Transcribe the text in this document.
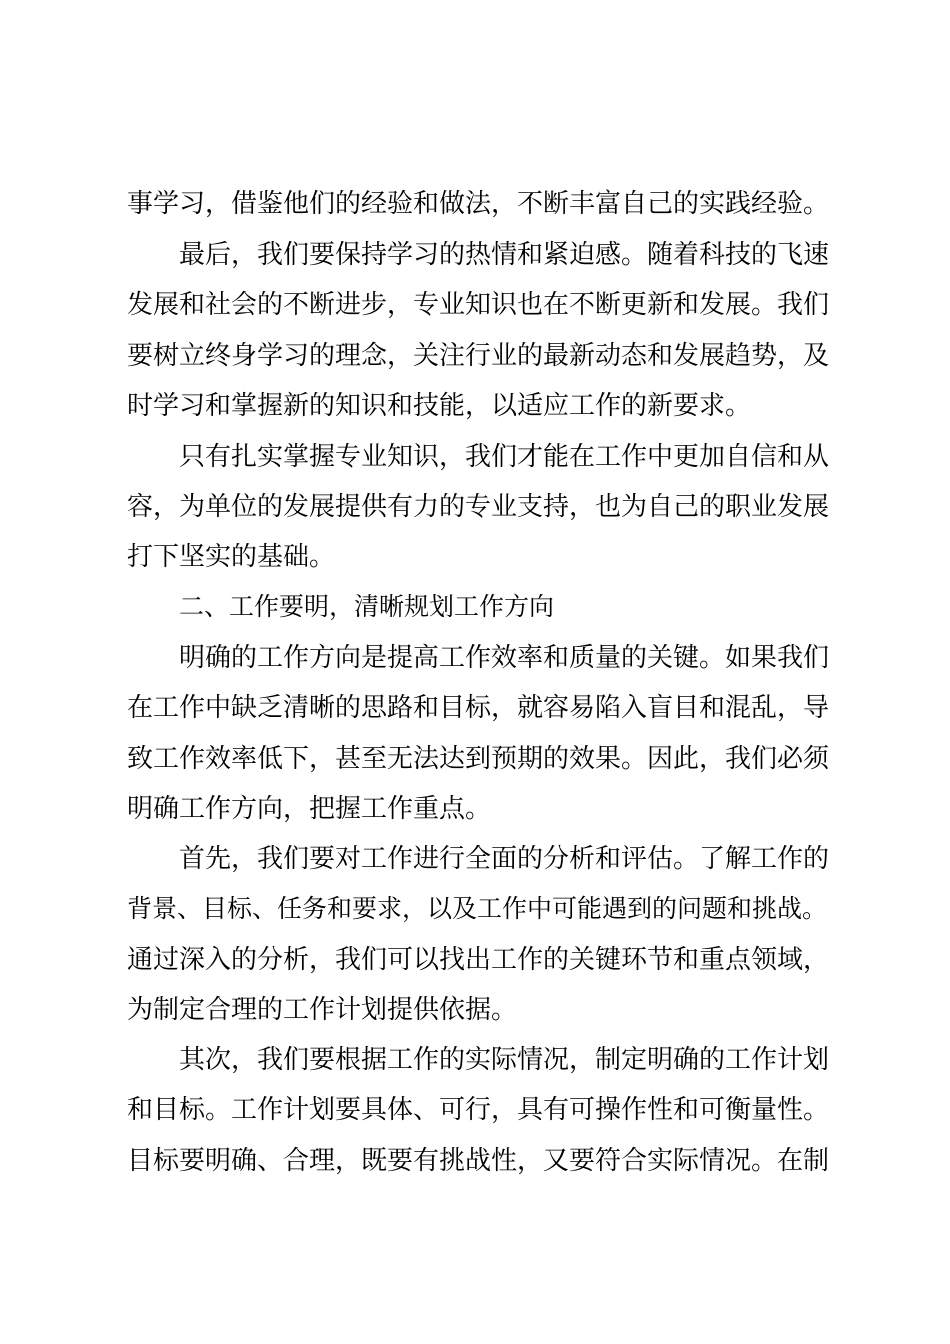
事学习，借鉴他们的经验和做法，不断丰富自己的实践经验。

最后，我们要保持学习的热情和紧迫感。随着科技的飞速

发展和社会的不断进步，专业知识也在不断更新和发展。我们

要树立终身学习的理念，关注行业的最新动态和发展趋势，及

时学习和掌握新的知识和技能，以适应工作的新要求。

只有扎实掌握专业知识，我们才能在工作中更加自信和从

容，为单位的发展提供有力的专业支持，也为自己的职业发展

打下坚实的基础。

二、工作要明，清晰规划工作方向

明确的工作方向是提高工作效率和质量的关键。如果我们

在工作中缺乏清晰的思路和目标，就容易陷入盲目和混乱，导

致工作效率低下，甚至无法达到预期的效果。因此，我们必须

明确工作方向，把握工作重点。

首先，我们要对工作进行全面的分析和评估。了解工作的

背景、目标、任务和要求，以及工作中可能遇到的问题和挑战。

通过深入的分析，我们可以找出工作的关键环节和重点领域，

为制定合理的工作计划提供依据。

其次，我们要根据工作的实际情况，制定明确的工作计划

和目标。工作计划要具体、可行，具有可操作性和可衡量性。

目标要明确、合理，既要有挑战性，又要符合实际情况。在制
